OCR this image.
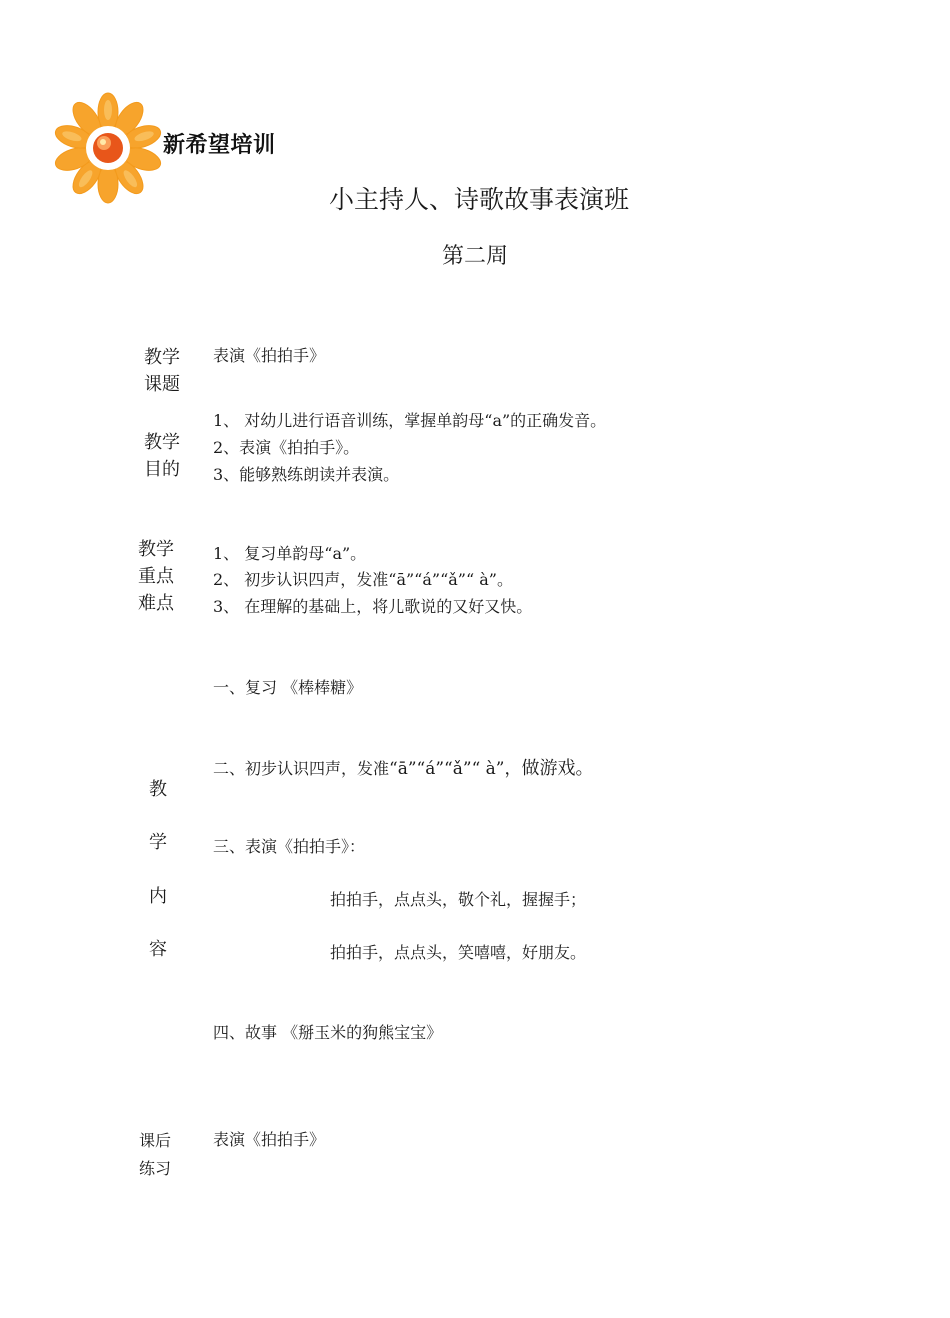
新希望培训
小主持人、诗歌故事表演班
第二周
教学
课题
表演《拍拍手》
教学
目的
1、 对幼儿进行语音训练，掌握单韵母“a”的正确发音。
2、表演《拍拍手》。
3、能够熟练朗读并表演。
教学
重点
难点
1、 复习单韵母“a”。
2、 初步认识四声，发准“ā”“á”“ǎ”“ à”。
3、 在理解的基础上，将儿歌说的又好又快。
一、复习 《棒棒糖》
二、初步认识四声，发准“ā”“á”“ǎ”“ à”，做游戏。
教
学
内
容
三、表演《拍拍手》：
拍拍手，点点头，敬个礼，握握手；
拍拍手，点点头，笑嘻嘻，好朋友。
四、故事 《掰玉米的狗熊宝宝》
课后
练习
表演《拍拍手》
